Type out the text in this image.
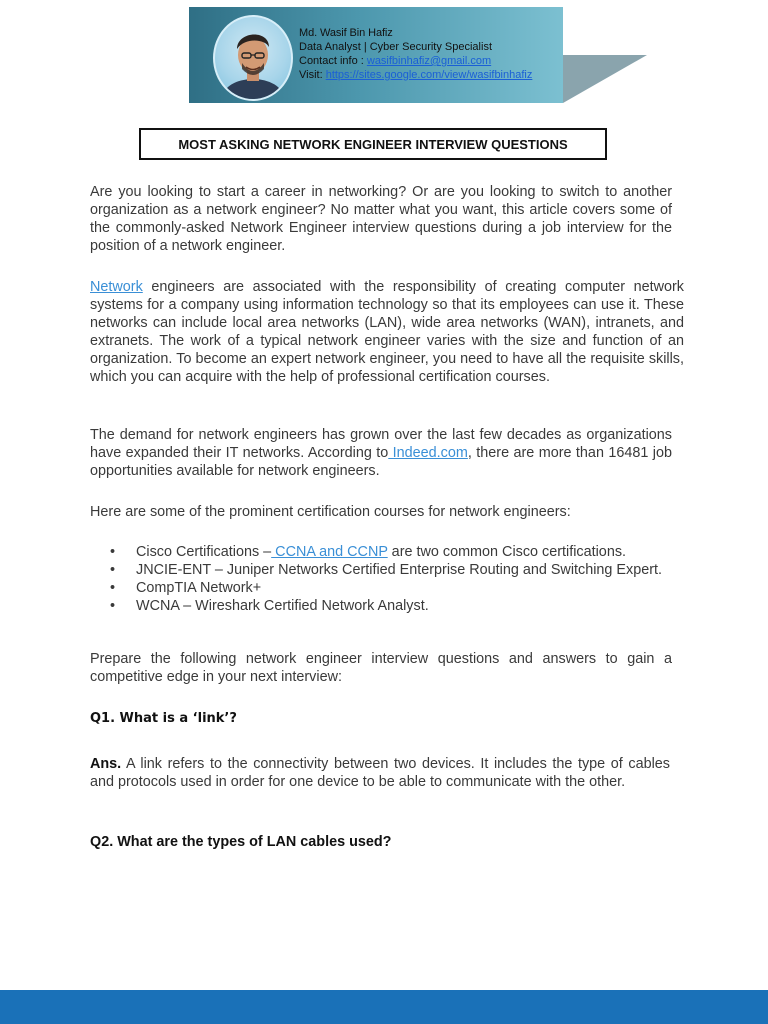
Md. Wasif Bin Hafiz
Data Analyst | Cyber Security Specialist
Contact info : wasifbinhafiz@gmail.com
Visit: https://sites.google.com/view/wasifbinhafiz
MOST ASKING NETWORK ENGINEER INTERVIEW QUESTIONS

Are you looking to start a career in networking? Or are you looking to switch to another organization as a network engineer? No matter what you want, this article covers some of the commonly-asked Network Engineer interview questions during a job interview for the position of a network engineer.

Network engineers are associated with the responsibility of creating computer network systems for a company using information technology so that its employees can use it. These networks can include local area networks (LAN), wide area networks (WAN), intranets, and extranets. The work of a typical network engineer varies with the size and function of an organization. To become an expert network engineer, you need to have all the requisite skills, which you can acquire with the help of professional certification courses.

The demand for network engineers has grown over the last few decades as organizations have expanded their IT networks. According to Indeed.com, there are more than 16481 job opportunities available for network engineers.

Here are some of the prominent certification courses for network engineers:

• Cisco Certifications – CCNA and CCNP are two common Cisco certifications.
• JNCIE-ENT – Juniper Networks Certified Enterprise Routing and Switching Expert.
• CompTIA Network+
• WCNA – Wireshark Certified Network Analyst.

Prepare the following network engineer interview questions and answers to gain a competitive edge in your next interview:

Q1. What is a ‘link’?

Ans. A link refers to the connectivity between two devices. It includes the type of cables and protocols used in order for one device to be able to communicate with the other.

Q2. What are the types of LAN cables used?
